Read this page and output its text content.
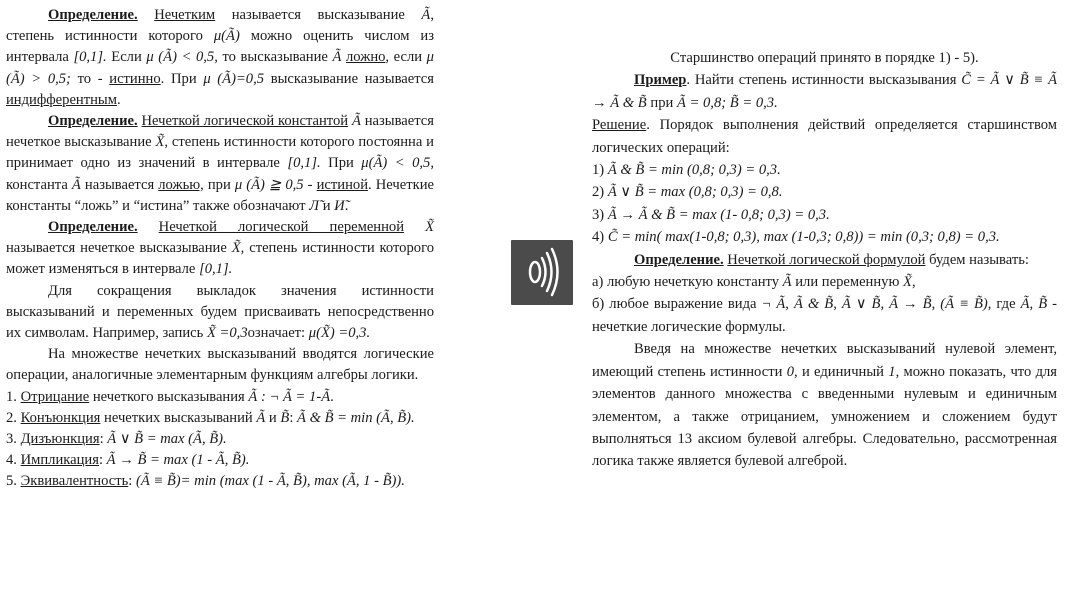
Определение. Нечетким называется высказывание Ã, степень истинности которого μ(Ã) можно оценить числом из интервала [0,1]. Если μ (Ã) < 0,5, то высказывание Ã ложно, если μ (Ã) > 0,5; то - истинно. При μ (Ã)=0,5 высказывание называется индифферентным.

Определение. Нечеткой логической константой Ã называется нечеткое высказывание X̃, степень истинности которого постоянна и принимает одно из значений в интервале [0,1]. При μ(Ã) < 0,5, константа Ã называется ложью, при μ (Ã) ≧ 0,5 - истиной. Нечеткие константы “ложь” и “истина” также обозначают Л̃ и И̃.

Определение. Нечеткой логической переменной X̃ называется нечеткое высказывание X̃, степень истинности которого может изменяться в интервале [0,1].

Для сокращения выкладок значения истинности высказываний и переменных будем присваивать непосредственно их символам. Например, запись X̃ =0,3означает: μ(X̃) =0,3.

На множестве нечетких высказываний вводятся логические операции, аналогичные элементарным функциям алгебры логики.

1. Отрицание нечеткого высказывания Ã : ¬ Ã = 1-Ã.

2. Конъюнкция нечетких высказываний Ã и B̃: Ã & B̃ = min (Ã, B̃).

3. Дизъюнкция: Ã ∨ B̃ = max (Ã, B̃).

4. Импликация: Ã → B̃ = max (1 - Ã, B̃).

5. Эквивалентность: (Ã ≡ B̃)= min (max (1 - Ã, B̃), max (Ã, 1 - B̃)).

Старшинство операций принято в порядке 1) - 5).

Пример. Найти степень истинности высказывания C̃ = Ã ∨ B̃ ≡ Ã → Ã & B̃ при Ã = 0,8; B̃ = 0,3.

Решение. Порядок выполнения действий определяется старшинством логических операций:

1) Ã & B̃ = min (0,8; 0,3) = 0,3.

2) Ã ∨ B̃ = max (0,8; 0,3) = 0,8.

3) Ã → Ã & B̃ = max (1- 0,8; 0,3) = 0,3.

4) C̃ = min( max(1-0,8; 0,3), max (1-0,3; 0,8)) = min (0,3; 0,8) = 0,3.

Определение. Нечеткой логической формулой будем называть:

а) любую нечеткую константу Ã или переменную X̃,

б) любое выражение вида ¬ Ã, Ã & B̃, Ã ∨ B̃, Ã → B̃, (Ã ≡ B̃), где Ã, B̃ - нечеткие логические формулы.

Введя на множестве нечетких высказываний нулевой элемент, имеющий степень истинности 0, и единичный 1, можно показать, что для элементов данного множества с введенными нулевым и единичным элементом, а также отрицанием, умножением и сложением будут выполняться 13 аксиом булевой алгебры. Следовательно, рассмотренная логика также является булевой алгеброй.
